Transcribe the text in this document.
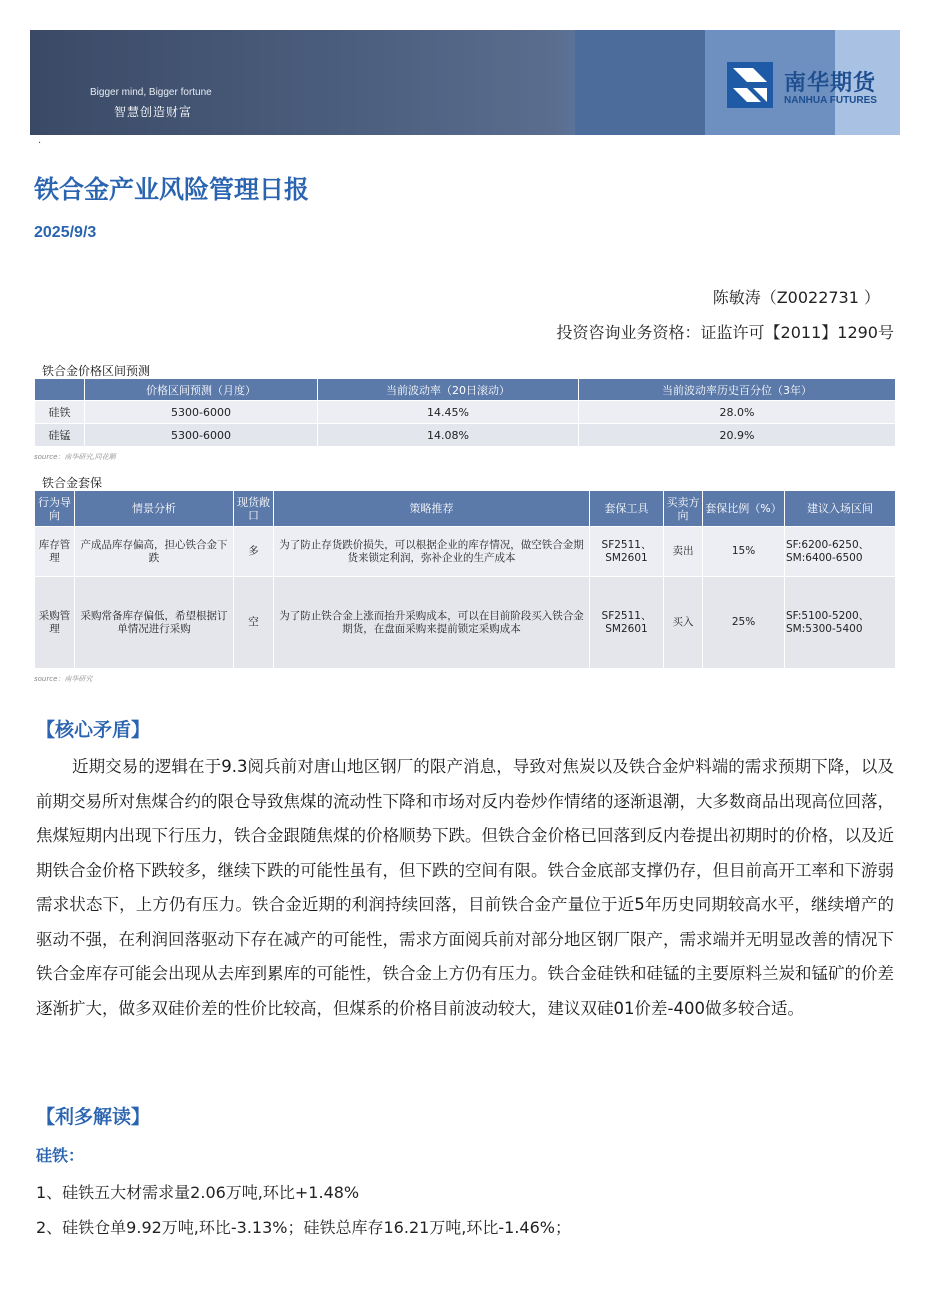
Bigger mind, Bigger fortune
智慧创造财富
南华期货
NANHUA FUTURES
·
铁合金产业风险管理日报
2025/9/3
陈敏涛（Z0022731 ）
投资咨询业务资格：证监许可【2011】1290号
铁合金价格区间预测
	价格区间预测（月度）	当前波动率（20日滚动）	当前波动率历史百分位（3年）
硅铁	5300-6000	14.45%	28.0%
硅锰	5300-6000	14.08%	20.9%
source：南华研究,同花顺
铁合金套保
行为导向	情景分析	现货敞口	策略推荐	套保工具	买卖方向	套保比例（%）	建议入场区间
库存管理	产成品库存偏高，担心铁合金下跌	多	为了防止存货跌价损失，可以根据企业的库存情况，做空铁合金期货来锁定利润，弥补企业的生产成本	SF2511、SM2601	卖出	15%	SF:6200-6250、SM:6400-6500
采购管理	采购常备库存偏低，希望根据订单情况进行采购	空	为了防止铁合金上涨而抬升采购成本，可以在目前阶段买入铁合金期货，在盘面采购来提前锁定采购成本	SF2511、SM2601	买入	25%	SF:5100-5200、SM:5300-5400
source：南华研究
【核心矛盾】
近期交易的逻辑在于9.3阅兵前对唐山地区钢厂的限产消息，导致对焦炭以及铁合金炉料端的需求预期下降，以及前期交易所对焦煤合约的限仓导致焦煤的流动性下降和市场对反内卷炒作情绪的逐渐退潮，大多数商品出现高位回落，焦煤短期内出现下行压力，铁合金跟随焦煤的价格顺势下跌。但铁合金价格已回落到反内卷提出初期时的价格，以及近期铁合金价格下跌较多，继续下跌的可能性虽有，但下跌的空间有限。铁合金底部支撑仍存，但目前高开工率和下游弱需求状态下，上方仍有压力。铁合金近期的利润持续回落，目前铁合金产量位于近5年历史同期较高水平，继续增产的驱动不强，在利润回落驱动下存在减产的可能性，需求方面阅兵前对部分地区钢厂限产，需求端并无明显改善的情况下铁合金库存可能会出现从去库到累库的可能性，铁合金上方仍有压力。铁合金硅铁和硅锰的主要原料兰炭和锰矿的价差逐渐扩大，做多双硅价差的性价比较高，但煤系的价格目前波动较大，建议双硅01价差-400做多较合适。
【利多解读】
硅铁：
1、硅铁五大材需求量2.06万吨,环比+1.48%
2、硅铁仓单9.92万吨,环比-3.13%；硅铁总库存16.21万吨,环比-1.46%；
